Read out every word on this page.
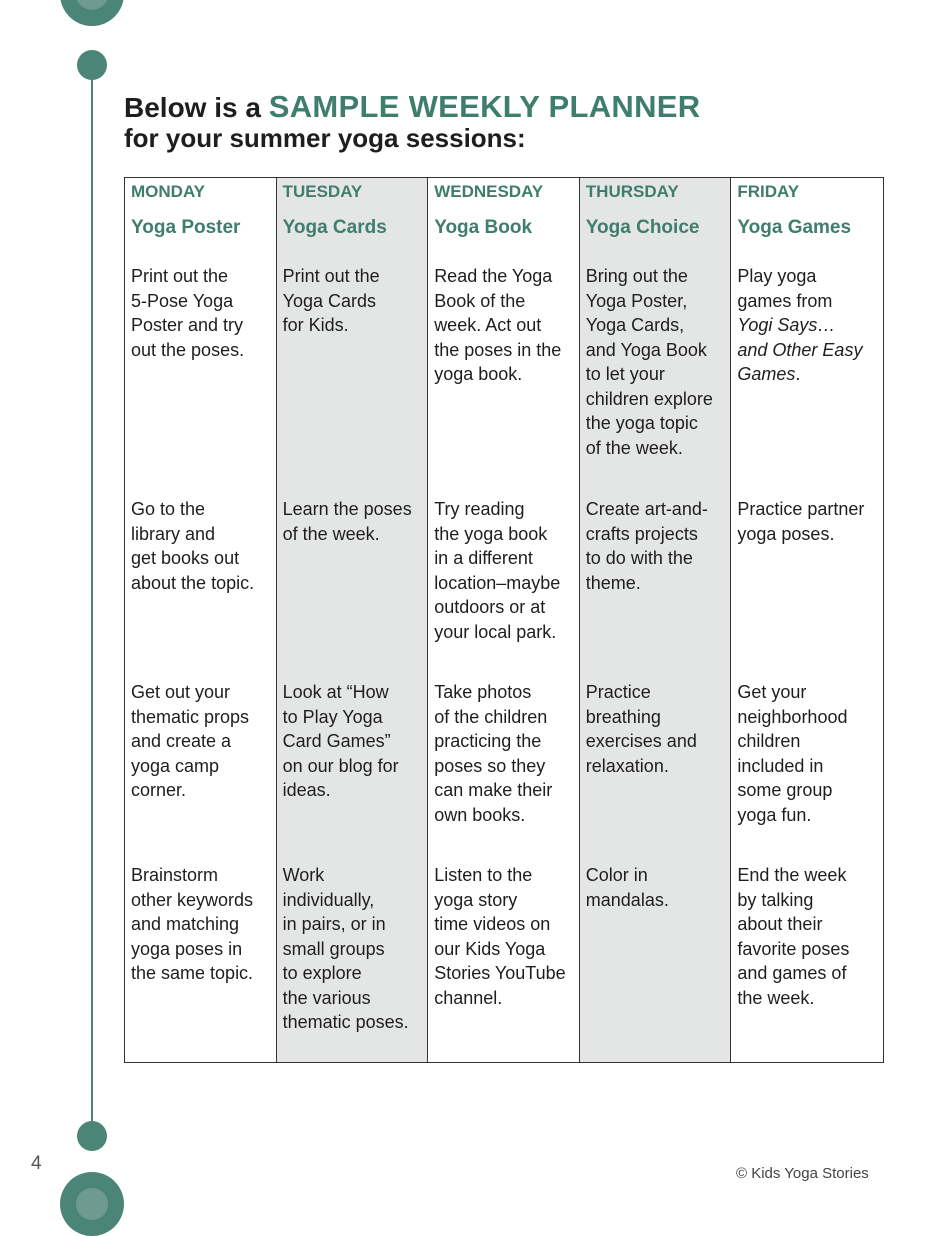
Below is a SAMPLE WEEKLY PLANNER
for your summer yoga sessions:
MONDAY
Yoga Poster
Print out the
5-Pose Yoga
Poster and try
out the poses.
Go to the
library and
get books out
about the topic.
Get out your
thematic props
and create a
yoga camp
corner.
Brainstorm
other keywords
and matching
yoga poses in
the same topic.
TUESDAY
Yoga Cards
Print out the
Yoga Cards
for Kids.
Learn the poses
of the week.
Look at “How
to Play Yoga
Card Games”
on our blog for
ideas.
Work
individually,
in pairs, or in
small groups
to explore
the various
thematic poses.
WEDNESDAY
Yoga Book
Read the Yoga
Book of the
week. Act out
the poses in the
yoga book.
Try reading
the yoga book
in a different
location–maybe
outdoors or at
your local park.
Take photos
of the children
practicing the
poses so they
can make their
own books.
Listen to the
yoga story
time videos on
our Kids Yoga
Stories YouTube
channel.
THURSDAY
Yoga Choice
Bring out the
Yoga Poster,
Yoga Cards,
and Yoga Book
to let your
children explore
the yoga topic
of the week.
Create art-and-
crafts projects
to do with the
theme.
Practice
breathing
exercises and
relaxation.
Color in
mandalas.
FRIDAY
Yoga Games
Play yoga
games from
Yogi Says…
and Other Easy
Games.
Practice partner
yoga poses.
Get your
neighborhood
children
included in
some group
yoga fun.
End the week
by talking
about their
favorite poses
and games of
the week.
4	© Kids Yoga Stories
